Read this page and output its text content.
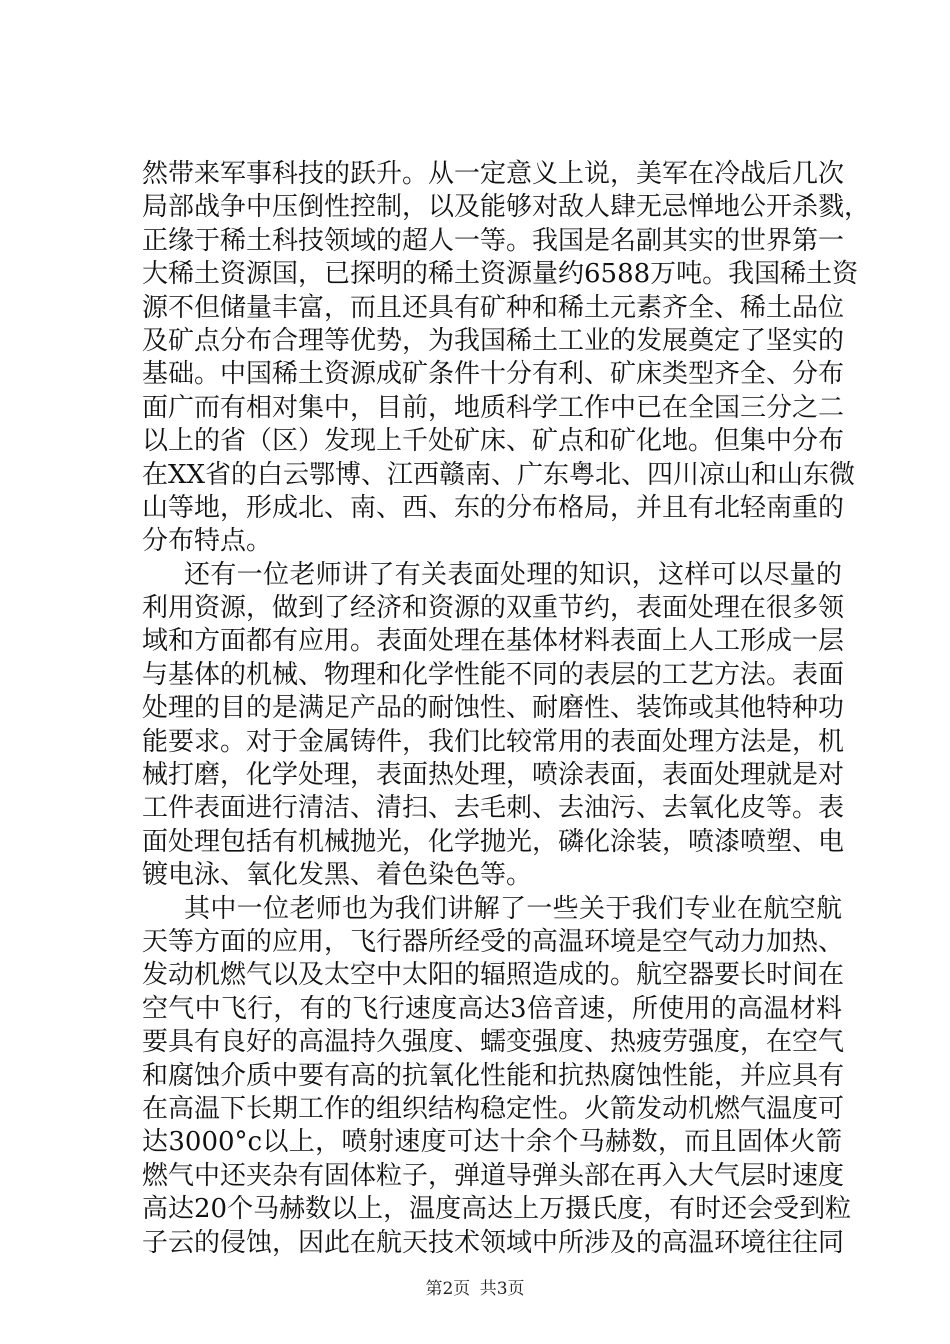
然带来军事科技的跃升。从一定意义上说，美军在冷战后几次
局部战争中压倒性控制，以及能够对敌人肆无忌惮地公开杀戮，
正缘于稀土科技领域的超人一等。我国是名副其实的世界第一
大稀土资源国，已探明的稀土资源量约6588万吨。我国稀土资
源不但储量丰富，而且还具有矿种和稀土元素齐全、稀土品位
及矿点分布合理等优势，为我国稀土工业的发展奠定了坚实的
基础。中国稀土资源成矿条件十分有利、矿床类型齐全、分布
面广而有相对集中，目前，地质科学工作中已在全国三分之二
以上的省（区）发现上千处矿床、矿点和矿化地。但集中分布
在XX省的白云鄂博、江西赣南、广东粤北、四川凉山和山东微
山等地，形成北、南、西、东的分布格局，并且有北轻南重的
分布特点。
还有一位老师讲了有关表面处理的知识，这样可以尽量的
利用资源，做到了经济和资源的双重节约，表面处理在很多领
域和方面都有应用。表面处理在基体材料表面上人工形成一层
与基体的机械、物理和化学性能不同的表层的工艺方法。表面
处理的目的是满足产品的耐蚀性、耐磨性、装饰或其他特种功
能要求。对于金属铸件，我们比较常用的表面处理方法是，机
械打磨，化学处理，表面热处理，喷涂表面，表面处理就是对
工件表面进行清洁、清扫、去毛刺、去油污、去氧化皮等。表
面处理包括有机械抛光，化学抛光，磷化涂装，喷漆喷塑、电
镀电泳、氧化发黑、着色染色等。
其中一位老师也为我们讲解了一些关于我们专业在航空航
天等方面的应用，飞行器所经受的高温环境是空气动力加热、
发动机燃气以及太空中太阳的辐照造成的。航空器要长时间在
空气中飞行，有的飞行速度高达3倍音速，所使用的高温材料
要具有良好的高温持久强度、蠕变强度、热疲劳强度，在空气
和腐蚀介质中要有高的抗氧化性能和抗热腐蚀性能，并应具有
在高温下长期工作的组织结构稳定性。火箭发动机燃气温度可
达3000°c以上，喷射速度可达十余个马赫数，而且固体火箭
燃气中还夹杂有固体粒子，弹道导弹头部在再入大气层时速度
高达20个马赫数以上，温度高达上万摄氏度，有时还会受到粒
子云的侵蚀，因此在航天技术领域中所涉及的高温环境往往同
第2页 共3页
